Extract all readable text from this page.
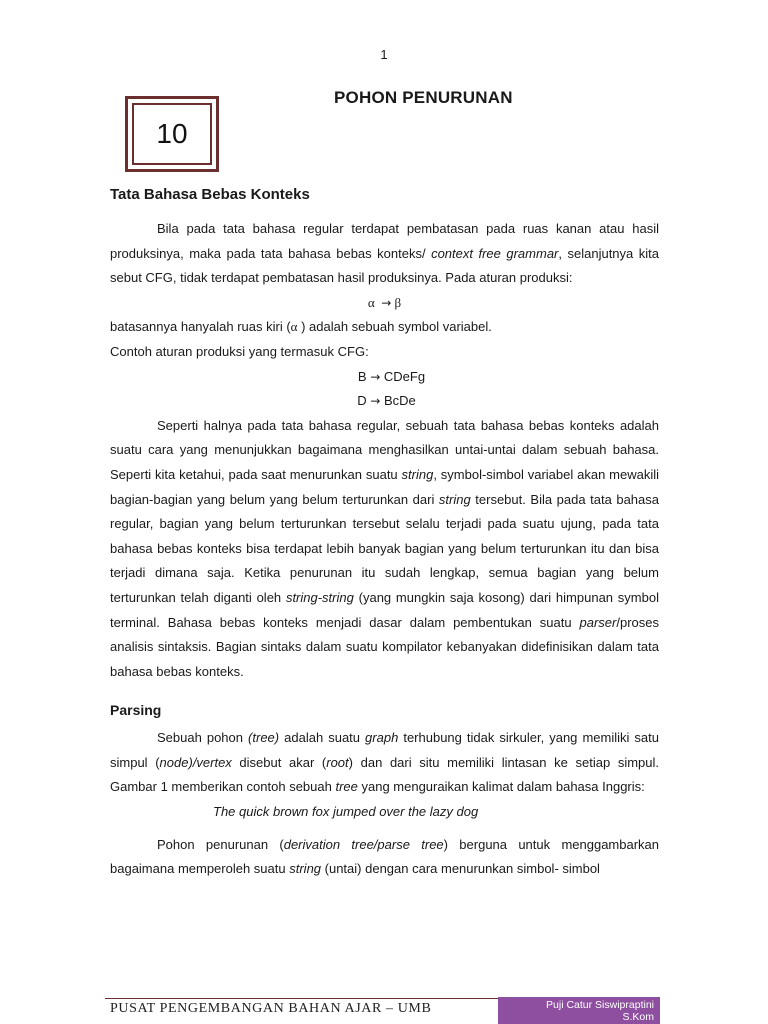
1
10
POHON PENURUNAN
Tata Bahasa Bebas Konteks

Bila pada tata bahasa regular terdapat pembatasan pada ruas kanan atau hasil produksinya, maka pada tata bahasa bebas konteks/ context free grammar, selanjutnya kita sebut CFG, tidak terdapat pembatasan hasil produksinya. Pada aturan produksi:

α → β

batasannya hanyalah ruas kiri (α ) adalah sebuah symbol variabel.

Contoh aturan produksi yang termasuk CFG:

B → CDeFg

D → BcDe

Seperti halnya pada tata bahasa regular, sebuah tata bahasa bebas konteks adalah suatu cara yang menunjukkan bagaimana menghasilkan untai-untai dalam sebuah bahasa. Seperti kita ketahui, pada saat menurunkan suatu string, symbol-simbol variabel akan mewakili bagian-bagian yang belum yang belum terturunkan dari string tersebut. Bila pada tata bahasa regular, bagian yang belum terturunkan tersebut selalu terjadi pada suatu ujung, pada tata bahasa bebas konteks bisa terdapat lebih banyak bagian yang belum terturunkan itu dan bisa terjadi dimana saja. Ketika penurunan itu sudah lengkap, semua bagian yang belum terturunkan telah diganti oleh string-string (yang mungkin saja kosong) dari himpunan symbol terminal. Bahasa bebas konteks menjadi dasar dalam pembentukan suatu parser/proses analisis sintaksis. Bagian sintaks dalam suatu kompilator kebanyakan didefinisikan dalam tata bahasa bebas konteks.

Parsing

Sebuah pohon (tree) adalah suatu graph terhubung tidak sirkuler, yang memiliki satu simpul (node)/vertex disebut akar (root) dan dari situ memiliki lintasan ke setiap simpul. Gambar 1 memberikan contoh sebuah tree yang menguraikan kalimat dalam bahasa Inggris:

The quick brown fox jumped over the lazy dog

Pohon penurunan (derivation tree/parse tree) berguna untuk menggambarkan bagaimana memperoleh suatu string (untai) dengan cara menurunkan simbol- simbol

PUSAT PENGEMBANGAN BAHAN AJAR – UMB	Puji Catur Siswipraptini
S.Kom
